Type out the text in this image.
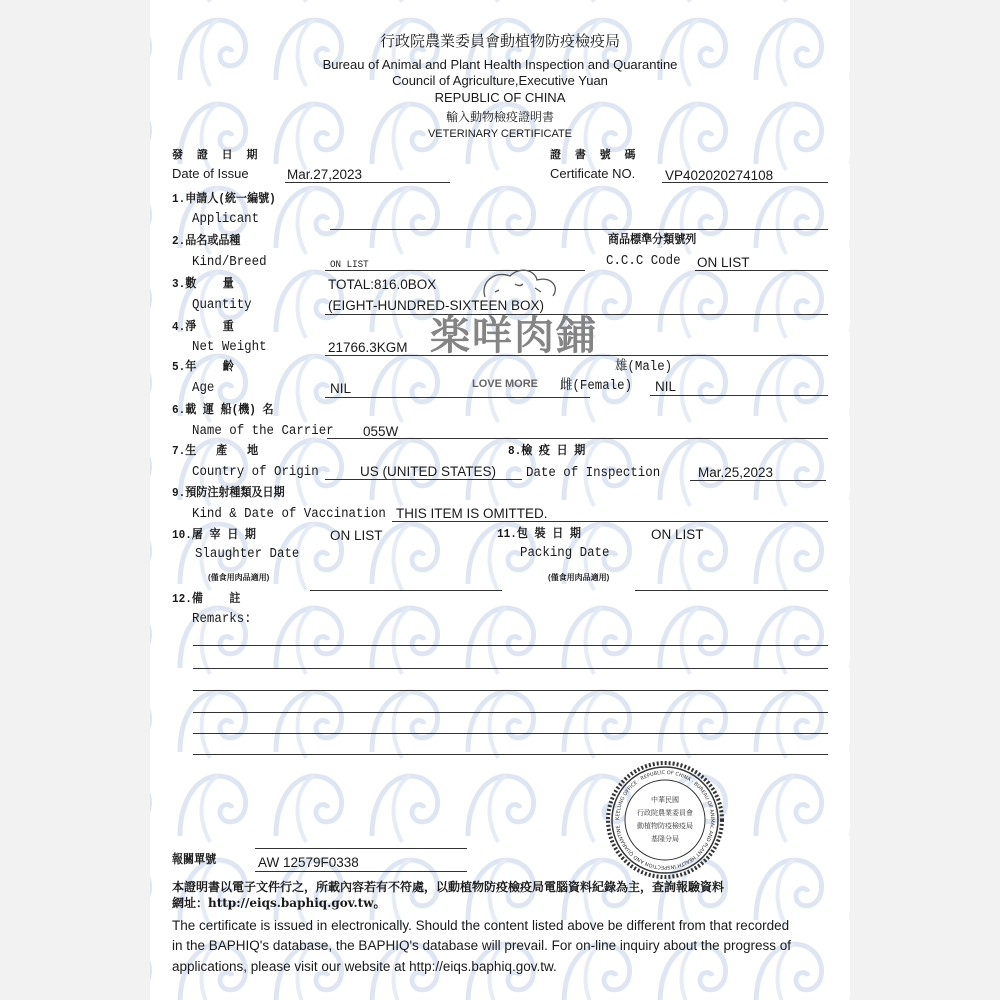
行政院農業委員會動植物防疫檢疫局
Bureau of Animal and Plant Health Inspection and Quarantine
Council of Agriculture,Executive Yuan
REPUBLIC OF CHINA
輸入動物檢疫證明書
VETERINARY CERTIFICATE
發 證 日 期
Date of Issue	Mar.27,2023
證 書 號 碼
Certificate NO. VP402020274108
1.申請人(統一編號)
Applicant
2.品名或品種
Kind/Breed	ON LIST
商品標準分類號列
C.C.C Code ON LIST
3.數    量
Quantity
TOTAL:816.0BOX
(EIGHT-HUNDRED-SIXTEEN BOX)
4.淨    重
Net Weight	21766.3KGM
5.年    齡
Age	NIL
雄(Male)
雌(Female) NIL
6.載 運 船(機) 名
Name of the Carrier 055W
7.生   產   地
Country of Origin	US (UNITED STATES)
8.檢 疫 日 期
Date of Inspection	Mar.25,2023
9.預防注射種類及日期
Kind & Date of Vaccination THIS ITEM IS OMITTED.
10.屠 宰 日 期	ON LIST
Slaughter Date
(僅食用肉品適用)
11.包 裝 日 期	ON LIST
Packing Date
(僅食用肉品適用)
12.備    註
Remarks:
KEELUNG OFFICE · REPUBLIC OF CHINA · BUREAU OF ANIMAL AND PLANT HEALTH INSPECTION AND QUARANTINE
中華民國
行政院農業委員會
動植物防疫檢疫局
基隆分局
報關單號	AW 12579F0338
本證明書以電子文件行之，所載內容若有不符處，以動植物防疫檢疫局電腦資料紀錄為主，查詢報驗資料
網址：http://eiqs.baphiq.gov.tw。
The certificate is issued in electronically. Should the content listed above be different from that recorded
in the BAPHIQ's database, the BAPHIQ's database will prevail. For on-line inquiry about the progress of
applications, please visit our website at http://eiqs.baphiq.gov.tw.
楽咩肉鋪
LOVE MORE
